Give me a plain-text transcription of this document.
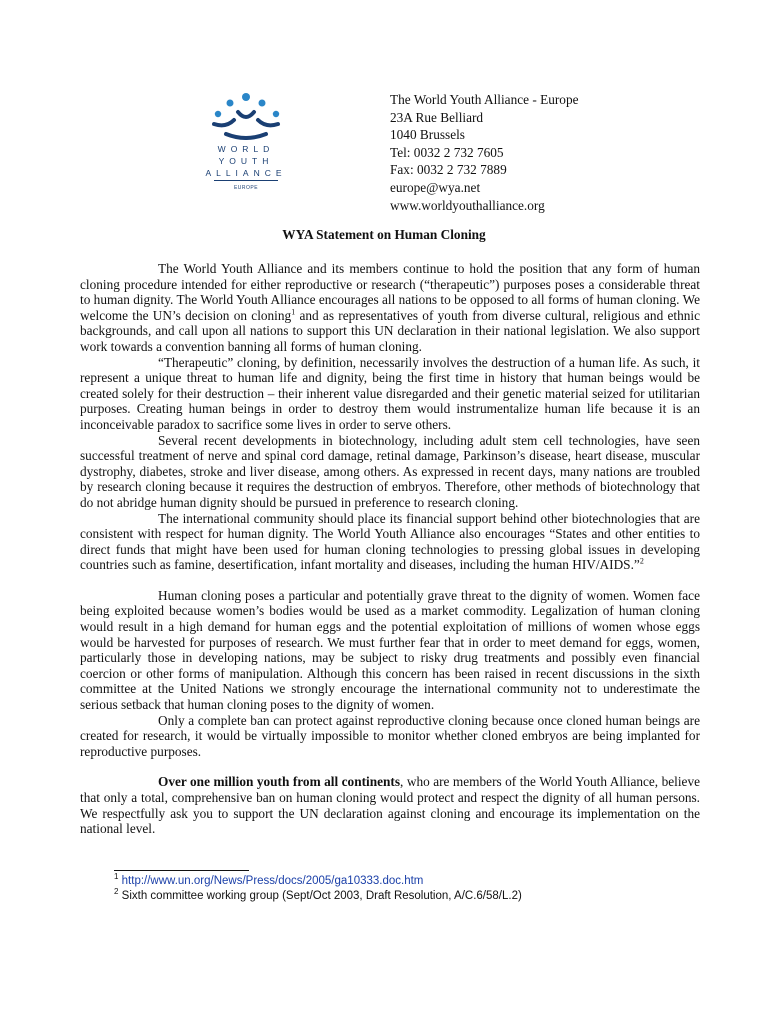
WORLD
YOUTH
ALLIANCE
EUROPE
The World Youth Alliance - Europe
23A Rue Belliard
1040 Brussels
Tel: 0032 2 732 7605
Fax: 0032 2 732 7889
europe@wya.net
www.worldyouthalliance.org
WYA Statement on Human Cloning

The World Youth Alliance and its members continue to hold the position that any form of human cloning procedure intended for either reproductive or research (“therapeutic”) purposes poses a considerable threat to human dignity. The World Youth Alliance encourages all nations to be opposed to all forms of human cloning. We welcome the UN’s decision on cloning$^1$ and as representatives of youth from diverse cultural, religious and ethnic backgrounds, and call upon all nations to support this UN declaration in their national legislation. We also support work towards a convention banning all forms of human cloning.

“Therapeutic” cloning, by definition, necessarily involves the destruction of a human life. As such, it represent a unique threat to human life and dignity, being the first time in history that human beings would be created solely for their destruction – their inherent value disregarded and their genetic material seized for utilitarian purposes. Creating human beings in order to destroy them would instrumentalize human life because it is an inconceivable paradox to sacrifice some lives in order to serve others.

Several recent developments in biotechnology, including adult stem cell technologies, have seen successful treatment of nerve and spinal cord damage, retinal damage, Parkinson’s disease, heart disease, muscular dystrophy, diabetes, stroke and liver disease, among others. As expressed in recent days, many nations are troubled by research cloning because it requires the destruction of embryos. Therefore, other methods of biotechnology that do not abridge human dignity should be pursued in preference to research cloning.

The international community should place its financial support behind other biotechnologies that are consistent with respect for human dignity. The World Youth Alliance also encourages “States and other entities to direct funds that might have been used for human cloning technologies to pressing global issues in developing countries such as famine, desertification, infant mortality and diseases, including the human HIV/AIDS.”$^2$

Human cloning poses a particular and potentially grave threat to the dignity of women. Women face being exploited because women’s bodies would be used as a market commodity. Legalization of human cloning would result in a high demand for human eggs and the potential exploitation of millions of women whose eggs would be harvested for purposes of research. We must further fear that in order to meet demand for eggs, women, particularly those in developing nations, may be subject to risky drug treatments and possibly even financial coercion or other forms of manipulation. Although this concern has been raised in recent discussions in the sixth committee at the United Nations we strongly encourage the international community not to underestimate the serious setback that human cloning poses to the dignity of women.

Only a complete ban can protect against reproductive cloning because once cloned human beings are created for research, it would be virtually impossible to monitor whether cloned embryos are being implanted for reproductive purposes.

Over one million youth from all continents, who are members of the World Youth Alliance, believe that only a total, comprehensive ban on human cloning would protect and respect the dignity of all human persons. We respectfully ask you to support the UN declaration against cloning and encourage its implementation on the national level.

$^1$ http://www.un.org/News/Press/docs/2005/ga10333.doc.htm
$^2$ Sixth committee working group (Sept/Oct 2003, Draft Resolution, A/C.6/58/L.2)
